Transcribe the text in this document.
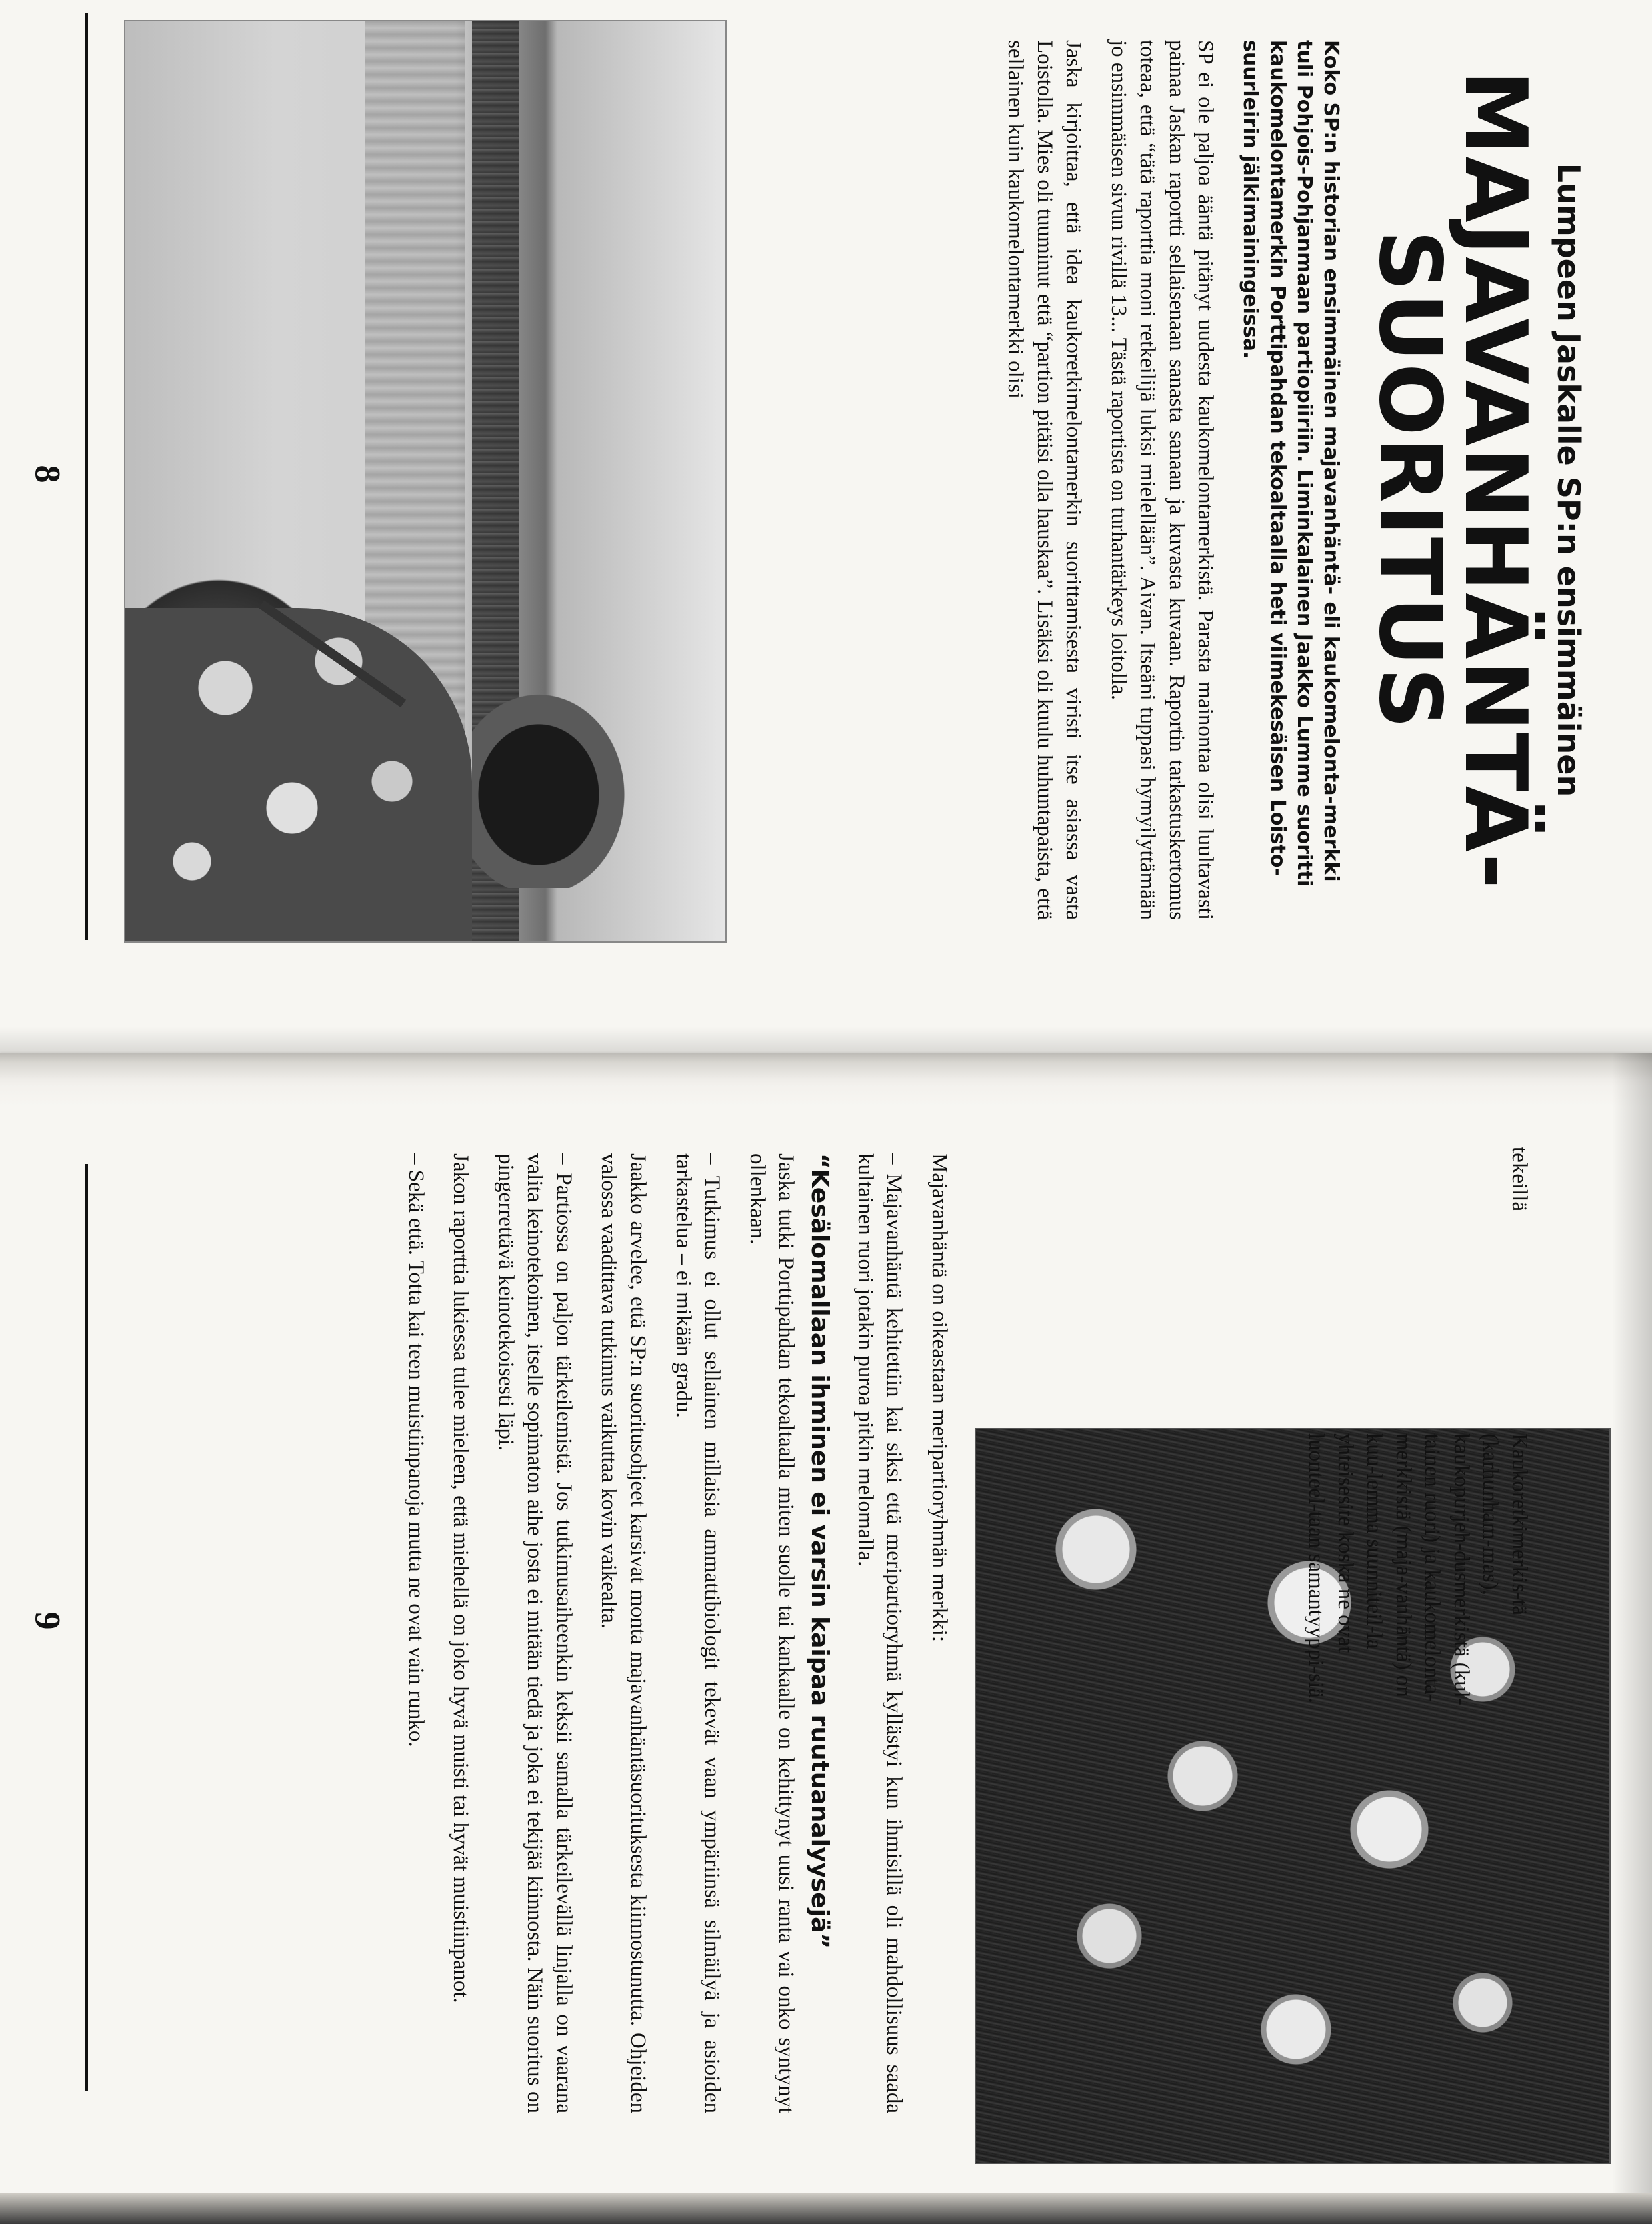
Lumpeen Jaskalle SP:n ensimmäinen
MAJAVANHÄNTÄ-
SUORITUS

Koko SP:n historian ensimmäinen majavanhäntä- eli kaukomelonta-merkki tuli Pohjois-Pohjanmaan partiopiiriin. Liminkalainen Jaakko Lumme suoritti kaukomelontamerkin Porttipahdan tekoaltaalla heti viimekesäisen Loisto-suurleirin jälkimainingeissa.

SP ei ole paljoa ääntä pitänyt uudesta kaukomelontamerkistä. Parasta mainontaa olisi luultavasti painaa Jaskan raportti sellaisenaan sanasta sanaan ja kuvasta kuvaan. Raportin tarkastuskertomus toteaa, että “tätä raporttia moni retkeilijä lukisi mielellään”. Aivan. Itseäni tuppasi hymyilyttämään jo ensimmäisen sivun rivillä 13... Tästä raportista on turhantärkeys loitolla.

Jaska kirjoittaa, että idea kaukoretkimelontamerkin suorittamisesta viristi itse asiassa vasta Loistolla. Mies oli tuuminut että “partion pitäisi olla hauskaa”. Lisäksi oli kuulu huhuntapaista, että sellainen kuin kaukomelontamerkki olisi

8

tekeillä

Kaukoretkimerkis-tä (karhunham-mas), kaukopurjeh-dusmerkistä (kul-tainen ruori) ja kaukomelonta-merkkistä (maja-vanhäntä) on kuu-lemma suunniteil-la yhteisesite koska ne ovat luonteel-taan samantyyppi-siä.

Majavanhäntä on oikeastaan meripartioryhmän merkki:

– Majavanhäntä kehitettiin kai siksi että meripartioryhmä kyllästyi kun ihmisillä oli mahdollisuus saada kultainen ruori jotakin puroa pitkin melomalla.

“Kesälomallaan ihminen ei varsin kaipaa ruutuanalyysejä”

Jaska tutki Porttipahdan tekoaltaalla miten suolle tai kankaalle on kehittynyt uusi ranta vai onko syntynyt ollenkaan.

– Tutkimus ei ollut sellainen millaisia ammattibiologit tekevät vaan ympäriinsä silmäilyä ja asioiden tarkastelua – ei mikään gradu.

Jaakko arvelee, että SP:n suoritusohjeet karsivat monta majavanhäntäsuorituksesta kiinnostunutta. Ohjeiden valossa vaadittava tutkimus vaikuttaa kovin vaikealta.

– Partiossa on paljon tärkeilemistä. Jos tutkimusaiheenkin keksii samalla tärkeilevällä linjalla on vaarana valita keinotekoinen, itselle sopimaton aihe josta ei mitään tiedä ja joka ei tekijää kiinnosta. Näin suoritus on pingerrettävä keinotekoisesti läpi.

Jakon raporttia lukiessa tulee mieleen, että miehellä on joko hyvä muisti tai hyvät muistiinpanot.

– Sekä että. Totta kai teen muistiinpanoja mutta ne ovat vain runko.

9
